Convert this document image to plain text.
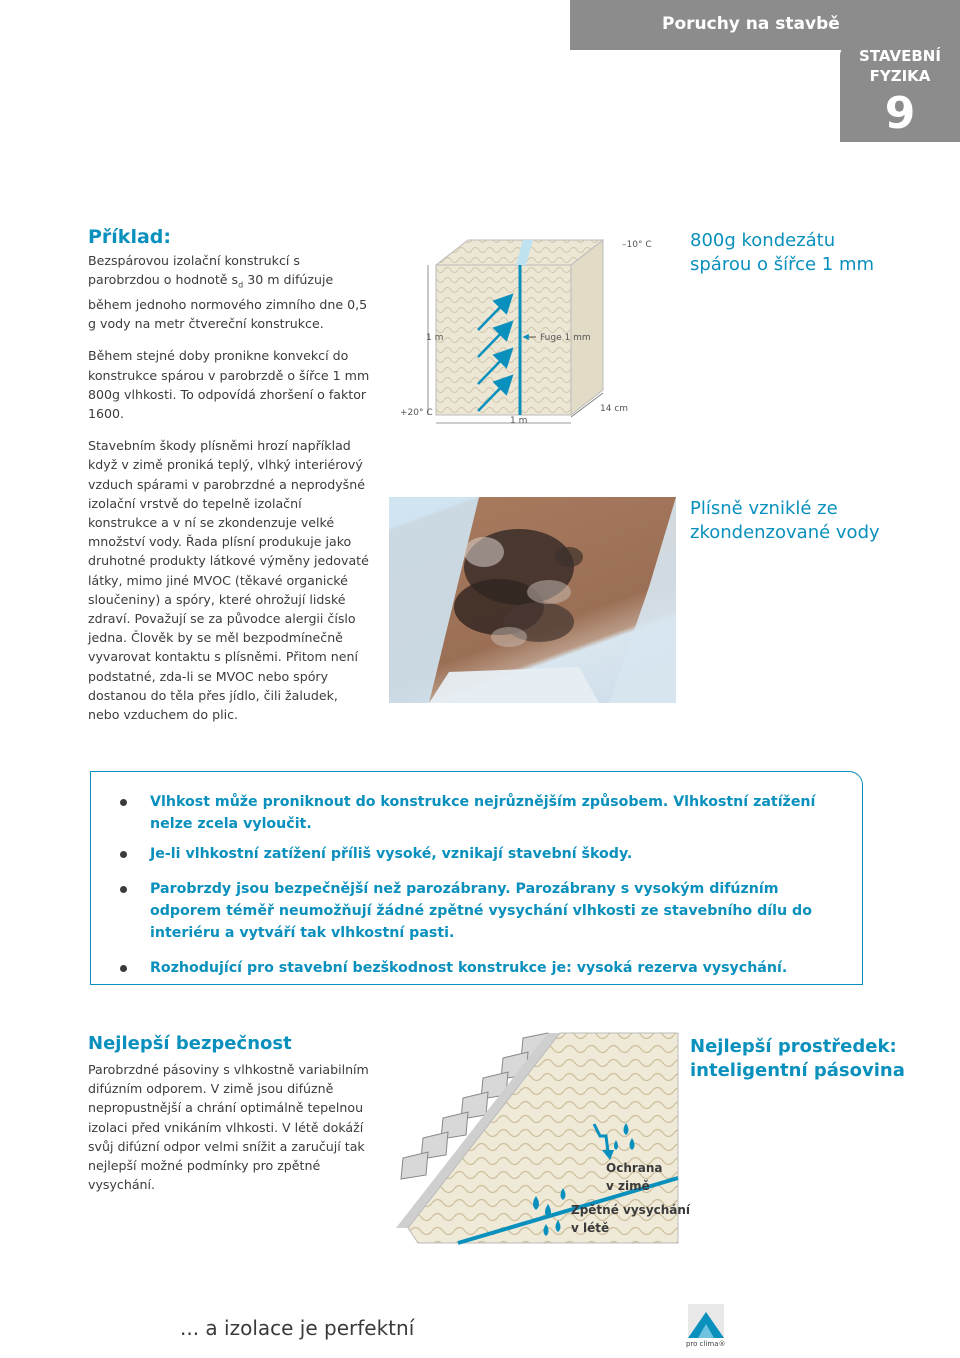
Poruchy na stavbě
STAVEBNÍ
FYZIKA
9
Příklad:

Bezspárovou izolační konstrukcí s parobrzdou o hodnotě $s_d$ 30 m difúzuje během jednoho normového zimního dne 0,5 g vody na metr čtvereční konstrukce.

Během stejné doby pronikne konvekcí do konstrukce spárou v parobrzdě o šířce 1 mm 800g vlhkosti. To odpovídá zhoršení o faktor 1600.

Stavebním škody plísněmi hrozí například když v zimě proniká teplý, vlhký interiérový vzduch spárami v parobrzdné a neprodyšné izolační vrstvě do tepelně izolační konstrukce a v ní se zkondenzuje velké množství vody. Řada plísní produkuje jako druhotné produkty látkové výměny jedovaté látky, mimo jiné MVOC (těkavé organické sloučeniny) a spóry, které ohrožují lidské zdraví. Považují se za původce alergii číslo jedna. Člověk by se měl bezpodmínečně vyvarovat kontaktu s plísněmi. Přitom není podstatné, zda-li se MVOC nebo spóry dostanou do těla přes jídlo, čili žaludek, nebo vzduchem do plic.

–10° C
+20° C
1 m	Fuge 1 mm
1 m
14 cm
800g kondezátu
spárou o šířce 1 mm
Plísně vzniklé ze
zkondenzované vody
Vlhkost může proniknout do konstrukce nejrůznějším způsobem. Vlhkostní zatížení nelze zcela vyloučit.
Je-li vlhkostní zatížení příliš vysoké, vznikají stavební škody.
Parobrzdy jsou bezpečnější než parozábrany. Parozábrany s vysokým difúzním odporem téměř neumožňují žádné zpětné vysychání vlhkosti ze stavebního dílu do interiéru a vytváří tak vlhkostní pasti.
Rozhodující pro stavební bezškodnost konstrukce je: vysoká rezerva vysychání.
Nejlepší bezpečnost
Parobrzdné pásoviny s vlhkostně variabilním difúzním odporem. V zimě jsou difúzně nepropustnější a chrání optimálně tepelnou izolaci před vnikáním vlhkosti. V létě dokáží svůj difúzní odpor velmi snížit a zaručují tak nejlepší možné podmínky pro zpětné vysychání.
Ochrana
v zimě
Zpětné vysychání
v létě
Nejlepší prostředek:
inteligentní pásovina
... a izolace je perfektní
pro clima®
